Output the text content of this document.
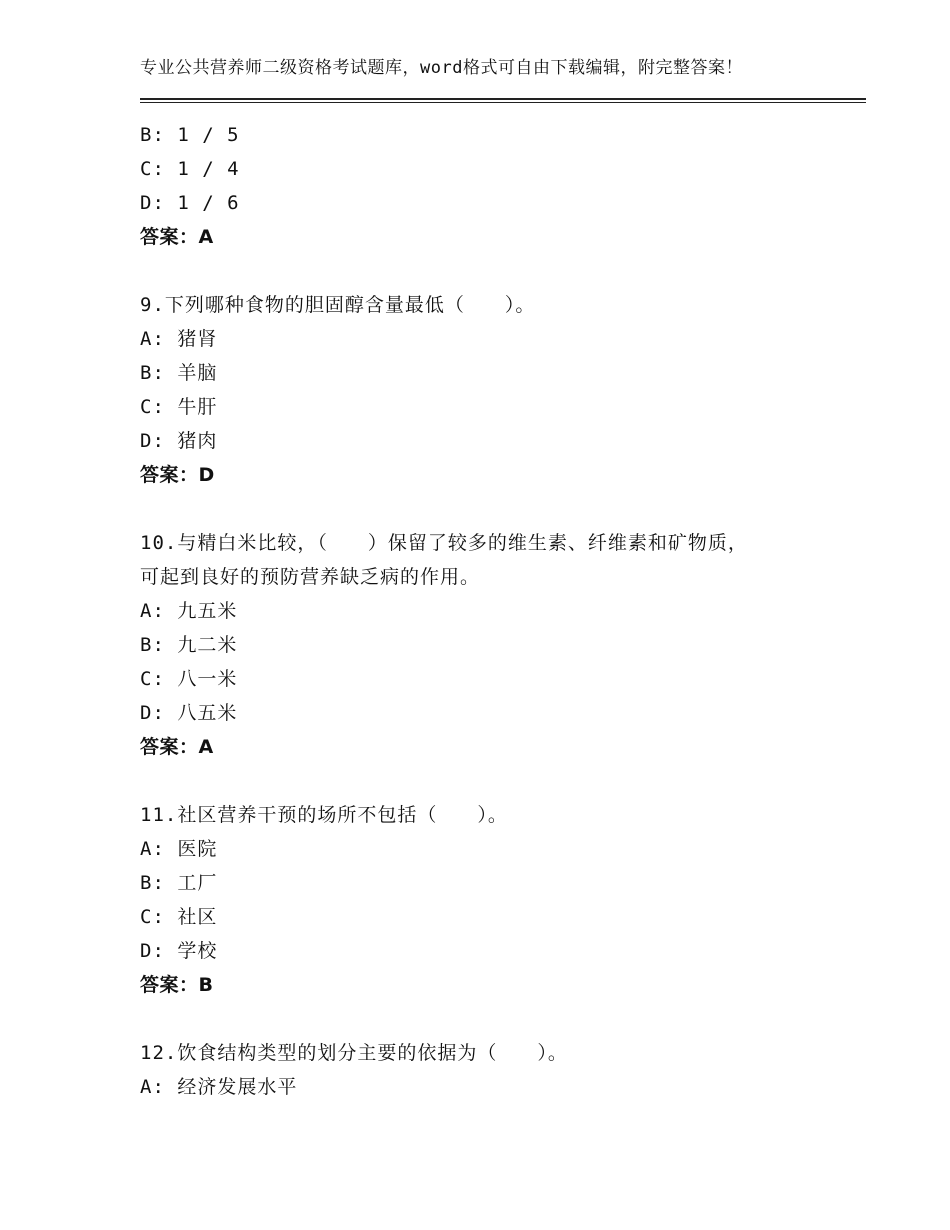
专业公共营养师二级资格考试题库，word格式可自由下载编辑，附完整答案！
B: 1 / 5
C: 1 / 4
D: 1 / 6
答案：A
9.下列哪种食物的胆固醇含量最低（　　）。
A: 猪肾
B: 羊脑
C: 牛肝
D: 猪肉
答案：D
10.与精白米比较，（　　）保留了较多的维生素、纤维素和矿物质，
可起到良好的预防营养缺乏病的作用。
A: 九五米
B: 九二米
C: 八一米
D: 八五米
答案：A
11.社区营养干预的场所不包括（　　）。
A: 医院
B: 工厂
C: 社区
D: 学校
答案：B
12.饮食结构类型的划分主要的依据为（　　）。
A: 经济发展水平
